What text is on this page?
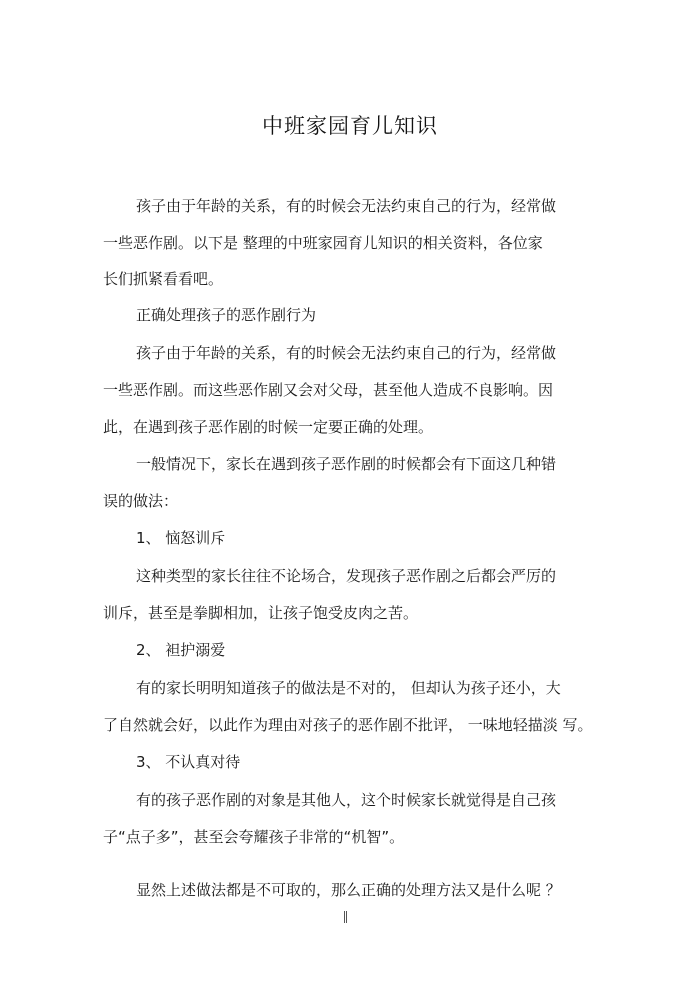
中班家园育儿知识
孩子由于年龄的关系，有的时候会无法约束自己的行为，经常做
一些恶作剧。以下是 整理的中班家园育儿知识的相关资料，各位家
长们抓紧看看吧。
正确处理孩子的恶作剧行为
孩子由于年龄的关系，有的时候会无法约束自己的行为，经常做
一些恶作剧。而这些恶作剧又会对父母，甚至他人造成不良影响。因
此，在遇到孩子恶作剧的时候一定要正确的处理。
一般情况下，家长在遇到孩子恶作剧的时候都会有下面这几种错
误的做法：
1、 恼怒训斥
这种类型的家长往往不论场合，发现孩子恶作剧之后都会严厉的
训斥，甚至是拳脚相加，让孩子饱受皮肉之苦。
2、 袒护溺爱
有的家长明明知道孩子的做法是不对的， 但却认为孩子还小，大
了自然就会好，以此作为理由对孩子的恶作剧不批评， 一味地轻描淡 写。
3、 不认真对待
有的孩子恶作剧的对象是其他人，这个时候家长就觉得是自己孩
子“点子多”，甚至会夸耀孩子非常的“机智”。
显然上述做法都是不可取的，那么正确的处理方法又是什么呢 ？
